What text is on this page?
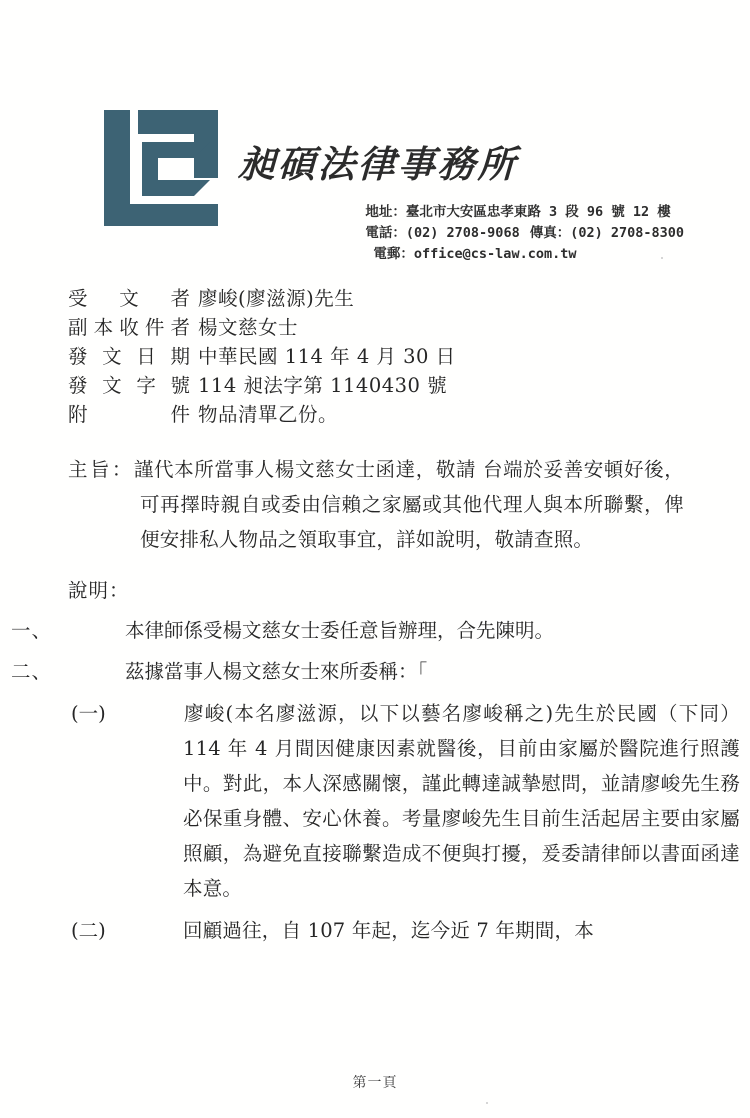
昶碩法律事務所
地址：臺北市大安區忠孝東路 3 段 96 號 12 樓
電話：(02) 2708-9068 傳真：(02) 2708-8300
電郵：office@cs-law.com.tw
受文者 廖峻(廖滋源)先生
副本收件者 楊文慈女士
發文日期 中華民國 114 年 4 月 30 日
發文字號 114 昶法字第 1140430 號
附件 物品清單乙份。
主旨：謹代本所當事人楊文慈女士函達，敬請 台端於妥善安頓好後，可再擇時親自或委由信賴之家屬或其他代理人與本所聯繫，俾便安排私人物品之領取事宜，詳如說明，敬請查照。
說明：
一、	本律師係受楊文慈女士委任意旨辦理，合先陳明。
二、	茲據當事人楊文慈女士來所委稱：「
(一)	廖峻(本名廖滋源，以下以藝名廖峻稱之)先生於民國（下同）114 年 4 月間因健康因素就醫後，目前由家屬於醫院進行照護中。對此，本人深感關懷，謹此轉達誠摯慰問，並請廖峻先生務必保重身體、安心休養。考量廖峻先生目前生活起居主要由家屬照顧，為避免直接聯繫造成不便與打擾，爰委請律師以書面函達本意。
(二)	回顧過往，自 107 年起，迄今近 7 年期間，本
第一頁
